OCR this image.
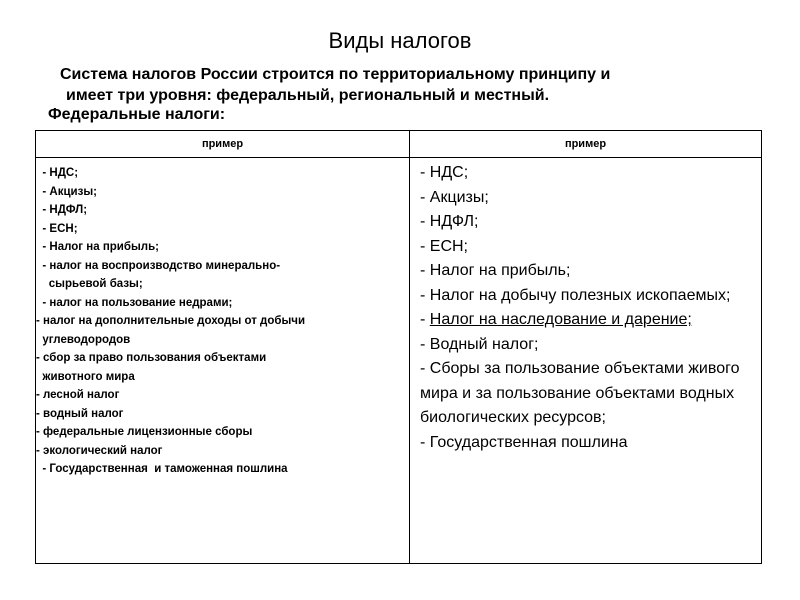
Виды налогов
Система налогов России строится по территориальному принципу и
имеет три уровня: федеральный, региональный и местный.
Федеральные налоги:
пример	пример
- НДС;
- Акцизы;
- НДФЛ;
- ЕСН;
- Налог на прибыль;
- налог на воспроизводство минерально-
сырьевой базы;
- налог на пользование недрами;
- налог на дополнительные доходы от добычи
углеводородов
- сбор за право пользования объектами
животного мира
- лесной налог
- водный налог
- федеральные лицензионные сборы
- экологический налог
- Государственная  и таможенная пошлина
- НДС;
- Акцизы;
- НДФЛ;
- ЕСН;
- Налог на прибыль;
- Налог на добычу полезных ископаемых;
- Налог на наследование и дарение;
- Водный налог;
- Сборы за пользование объектами живого мира и за пользование объектами водных биологических ресурсов;
- Государственная пошлина
